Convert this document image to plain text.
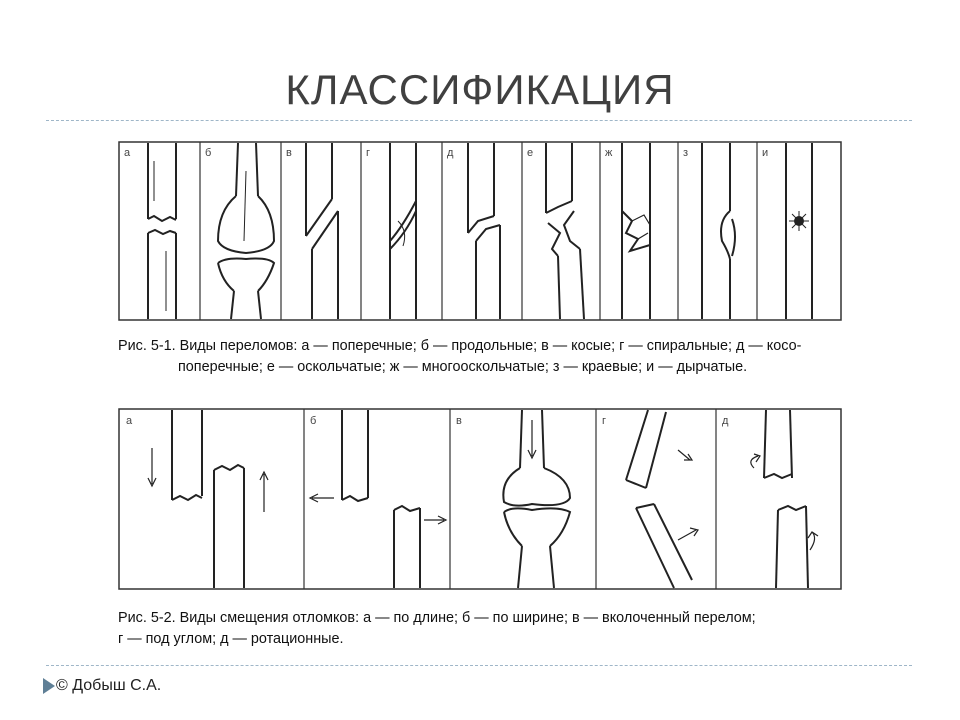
КЛАССИФИКАЦИЯ
а	б	в	г	д	е	ж	з	и
Рис. 5-1. Виды переломов: а — поперечные; б — продольные; в — косые; г — спиральные; д — косо-
поперечные; е — оскольчатые; ж — многооскольчатые; з — краевые; и — дырчатые.
а	б	в	г	д
Рис. 5-2. Виды смещения отломков: а — по длине; б — по ширине; в — вколоченный перелом;
г — под углом; д — ротационные.
© Добыш С.А.
